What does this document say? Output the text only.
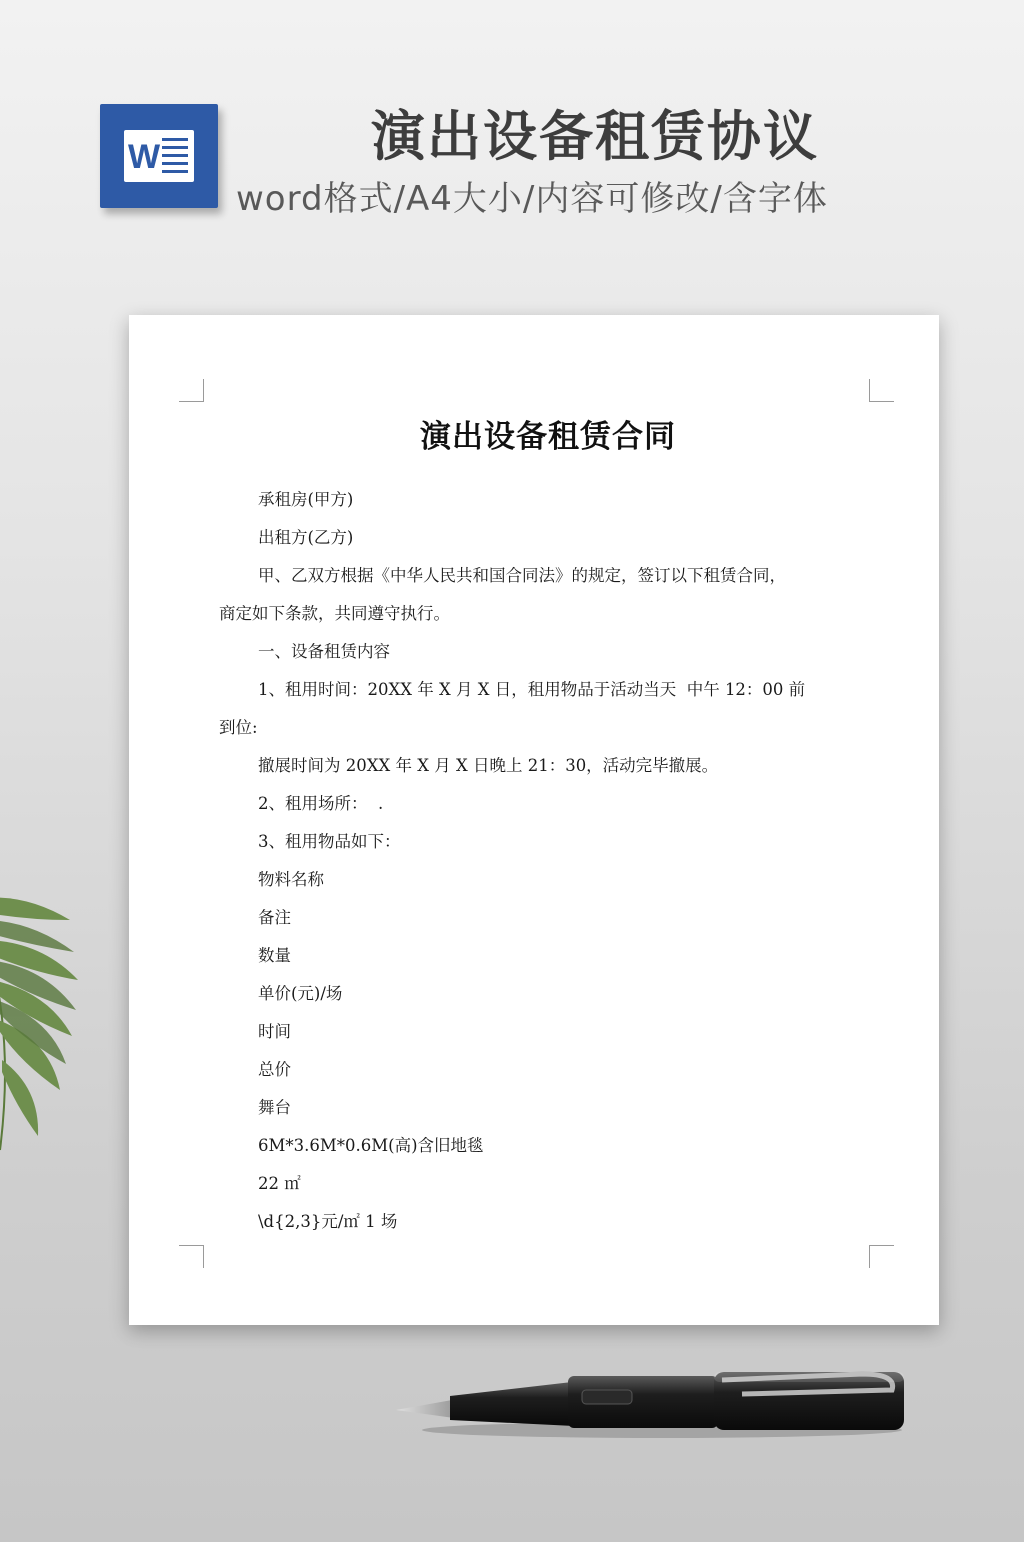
W	演出设备租赁协议
word格式/A4大小/内容可修改/含字体
演出设备租赁合同

承租房(甲方)

出租方(乙方)

甲、乙双方根据《中华人民共和国合同法》的规定，签订以下租赁合同，

商定如下条款，共同遵守执行。

一、设备租赁内容

1、租用时间：20XX 年 X 月 X 日，租用物品于活动当天  中午 12：00 前

到位:

撤展时间为 20XX 年 X 月 X 日晚上 21：30，活动完毕撤展。

2、租用场所：  .

3、租用物品如下：

物料名称

备注

数量

单价(元)/场

时间

总价

舞台

6M*3.6M*0.6M(高)含旧地毯

22 ㎡

\d{2,3}元/㎡ 1 场
